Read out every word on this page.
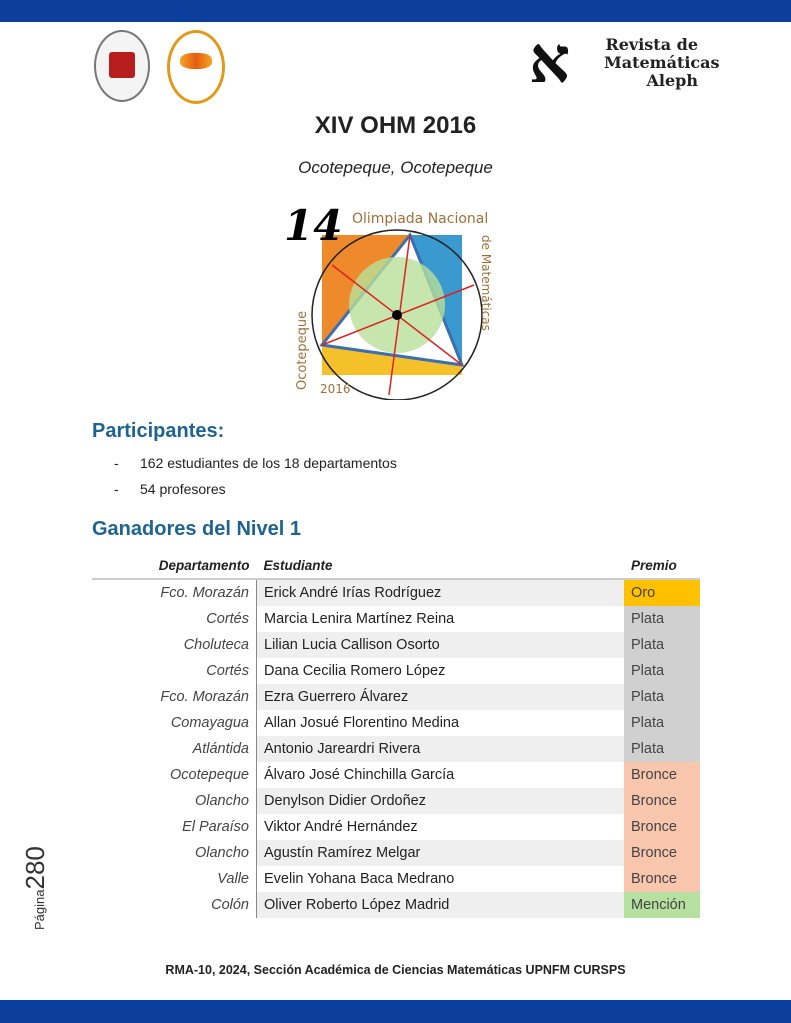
א Revista de
Matemáticas
Aleph
XIV OHM 2016
Ocotepeque, Ocotepeque
14 Olimpiada Nacional
de Matemáticas
Ocotepeque 2016
Participantes:
- 162 estudiantes de los 18 departamentos
- 54 profesores
Ganadores del Nivel 1
Departamento	Estudiante	Premio
Fco. Morazán	Erick André Irías Rodríguez	Oro
Cortés	Marcia Lenira Martínez Reina	Plata
Choluteca	Lilian Lucia Callison Osorto	Plata
Cortés	Dana Cecilia Romero López	Plata
Fco. Morazán	Ezra Guerrero Álvarez	Plata
Comayagua	Allan Josué Florentino Medina	Plata
Atlántida	Antonio Jareardri Rivera	Plata
Ocotepeque	Álvaro José Chinchilla García	Bronce
Olancho	Denylson Didier Ordoñez	Bronce
El Paraíso	Viktor André Hernández	Bronce
Olancho	Agustín Ramírez Melgar	Bronce
Valle	Evelin Yohana Baca Medrano	Bronce
Colón	Oliver Roberto López Madrid	Mención
Página280
RMA-10, 2024, Sección Académica de Ciencias Matemáticas UPNFM CURSPS
